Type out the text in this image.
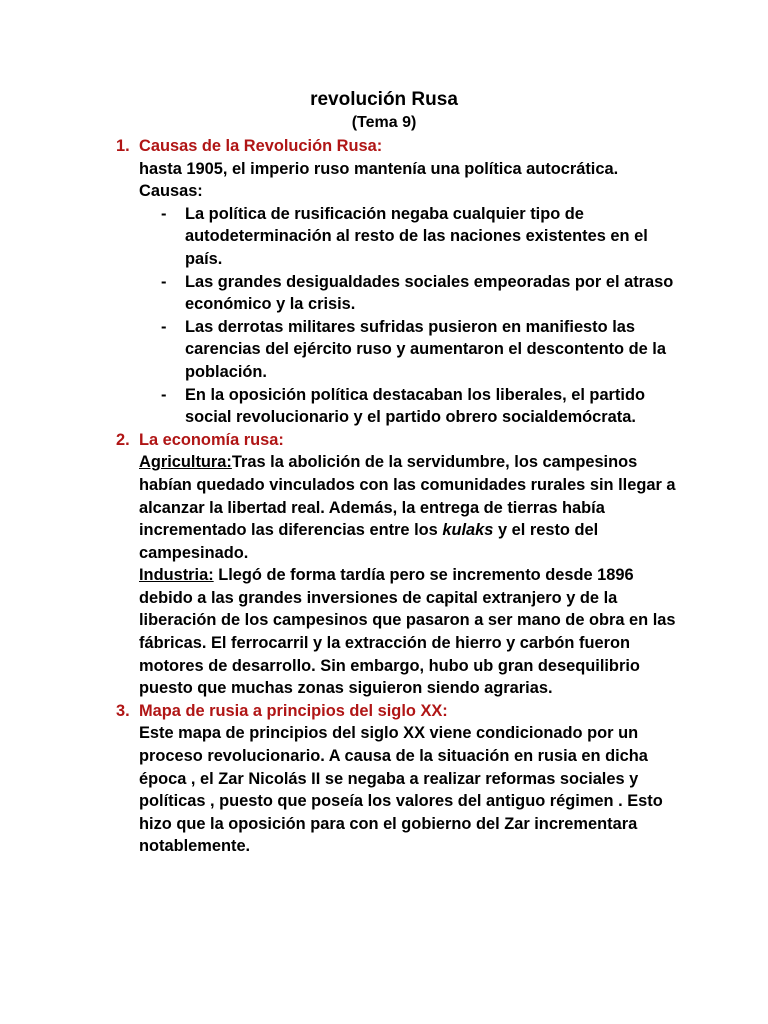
revolución Rusa
(Tema 9)
1. Causas de la Revolución Rusa:
hasta 1905, el imperio ruso mantenía una política autocrática.
Causas:
- La política de rusificación negaba cualquier tipo de autodeterminación al resto de las naciones existentes en el país.
- Las grandes desigualdades sociales empeoradas por el atraso económico y la crisis.
- Las derrotas militares sufridas pusieron en manifiesto las carencias del ejército ruso y aumentaron el descontento de la población.
- En la oposición política destacaban los liberales, el partido social revolucionario y el partido obrero socialdemócrata.
2. La economía rusa:
Agricultura:Tras la abolición de la servidumbre, los campesinos habían quedado vinculados con las comunidades rurales sin llegar a alcanzar la libertad real. Además, la entrega de tierras había incrementado las diferencias entre los kulaks y el resto del campesinado.
Industria: Llegó de forma tardía pero se incremento desde 1896 debido a las grandes inversiones de capital extranjero y de la liberación de los campesinos que pasaron a ser mano de obra en las fábricas. El ferrocarril y la extracción de hierro y carbón fueron motores de desarrollo. Sin embargo, hubo ub gran desequilibrio puesto que muchas zonas siguieron siendo agrarias.
3. Mapa de rusia a principios del siglo XX:
Este mapa de principios del siglo XX viene condicionado por un proceso revolucionario. A causa de la situación en rusia en dicha época , el Zar Nicolás II se negaba a realizar reformas sociales y políticas , puesto que poseía los valores del antiguo régimen . Esto hizo que la oposición para con el gobierno del Zar incrementara notablemente.
